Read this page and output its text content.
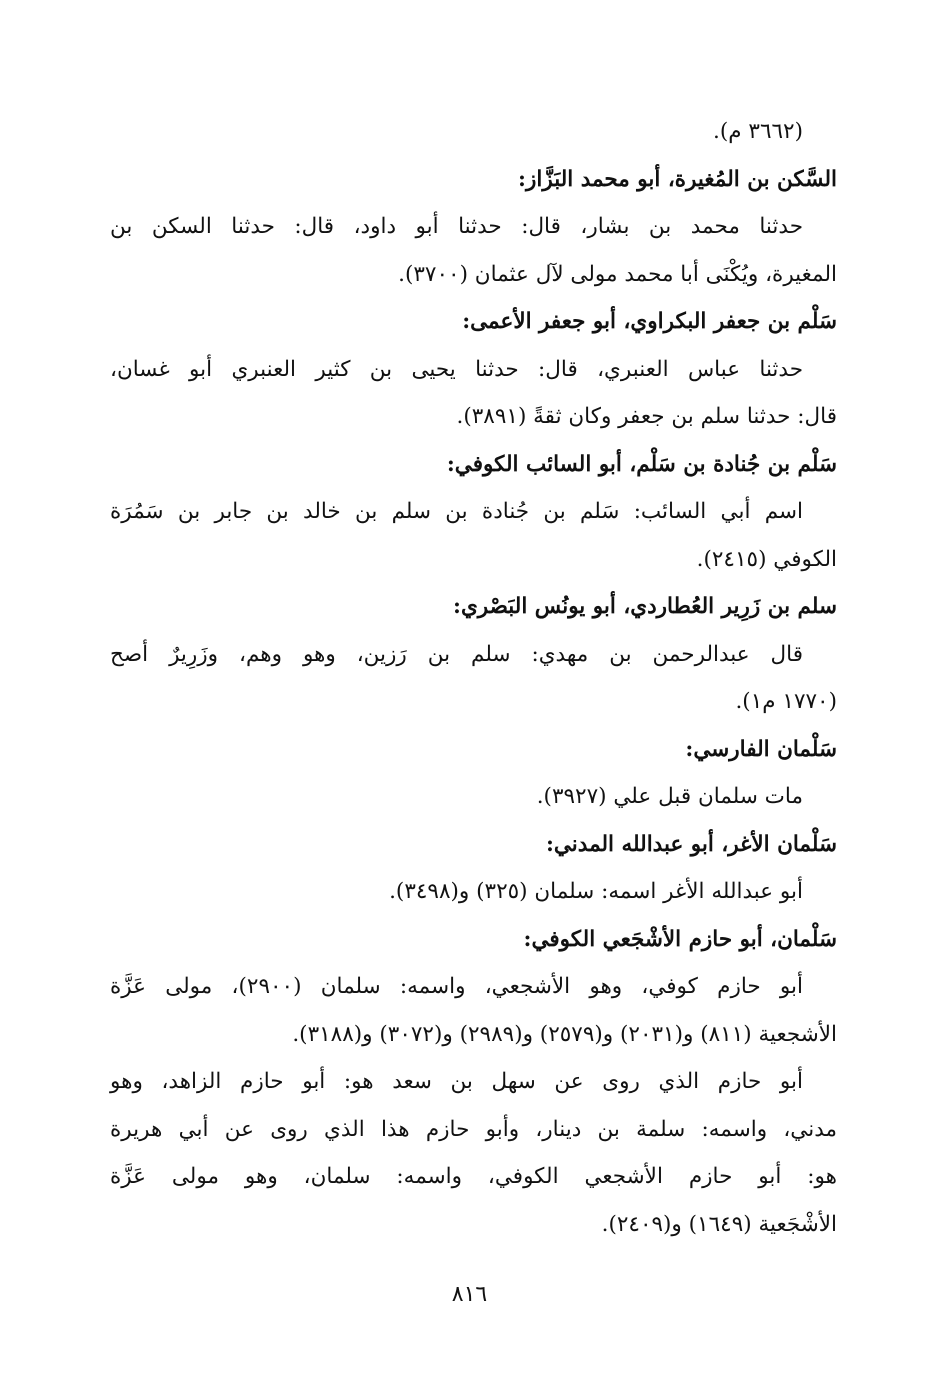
(٣٦٦٢ م).
السَّكن بن المُغيرة، أبو محمد البَزَّاز:
حدثنا محمد بن بشار، قال: حدثنا أبو داود، قال: حدثنا السكن بن
المغيرة، ويُكْنَى أبا محمد مولى لآل عثمان (٣٧٠٠).
سَلْم بن جعفر البكراوي، أبو جعفر الأعمى:
حدثنا عباس العنبري، قال: حدثنا يحيى بن كثير العنبري أبو غسان،
قال: حدثنا سلم بن جعفر وكان ثقةً (٣٨٩١).
سَلْم بن جُنادة بن سَلْم، أبو السائب الكوفي:
اسم أبي السائب: سَلم بن جُنادة بن سلم بن خالد بن جابر بن سَمُرَة
الكوفي (٢٤١٥).
سلم بن زَرِير العُطاردي، أبو يونُس البَصْري:
قال عبدالرحمن بن مهدي: سلم بن رَزين، وهو وهم، وزَرِيرٌ أصح
(١٧٧٠ م١).
سَلْمان الفارسي:
مات سلمان قبل علي (٣٩٢٧).
سَلْمان الأغر، أبو عبدالله المدني:
أبو عبدالله الأغر اسمه: سلمان (٣٢٥) و(٣٤٩٨).
سَلْمان، أبو حازم الأشْجَعي الكوفي:
أبو حازم كوفي، وهو الأشجعي، واسمه: سلمان (٢٩٠٠)، مولى عَزَّة
الأشجعية (٨١١) و(٢٠٣١) و(٢٥٧٩) و(٢٩٨٩) و(٣٠٧٢) و(٣١٨٨).
أبو حازم الذي روى عن سهل بن سعد هو: أبو حازم الزاهد، وهو
مدني، واسمه: سلمة بن دينار، وأبو حازم هذا الذي روى عن أبي هريرة
هو: أبو حازم الأشجعي الكوفي، واسمه: سلمان، وهو مولى عَزَّة
الأشْجَعية (١٦٤٩) و(٢٤٠٩).
٨١٦
